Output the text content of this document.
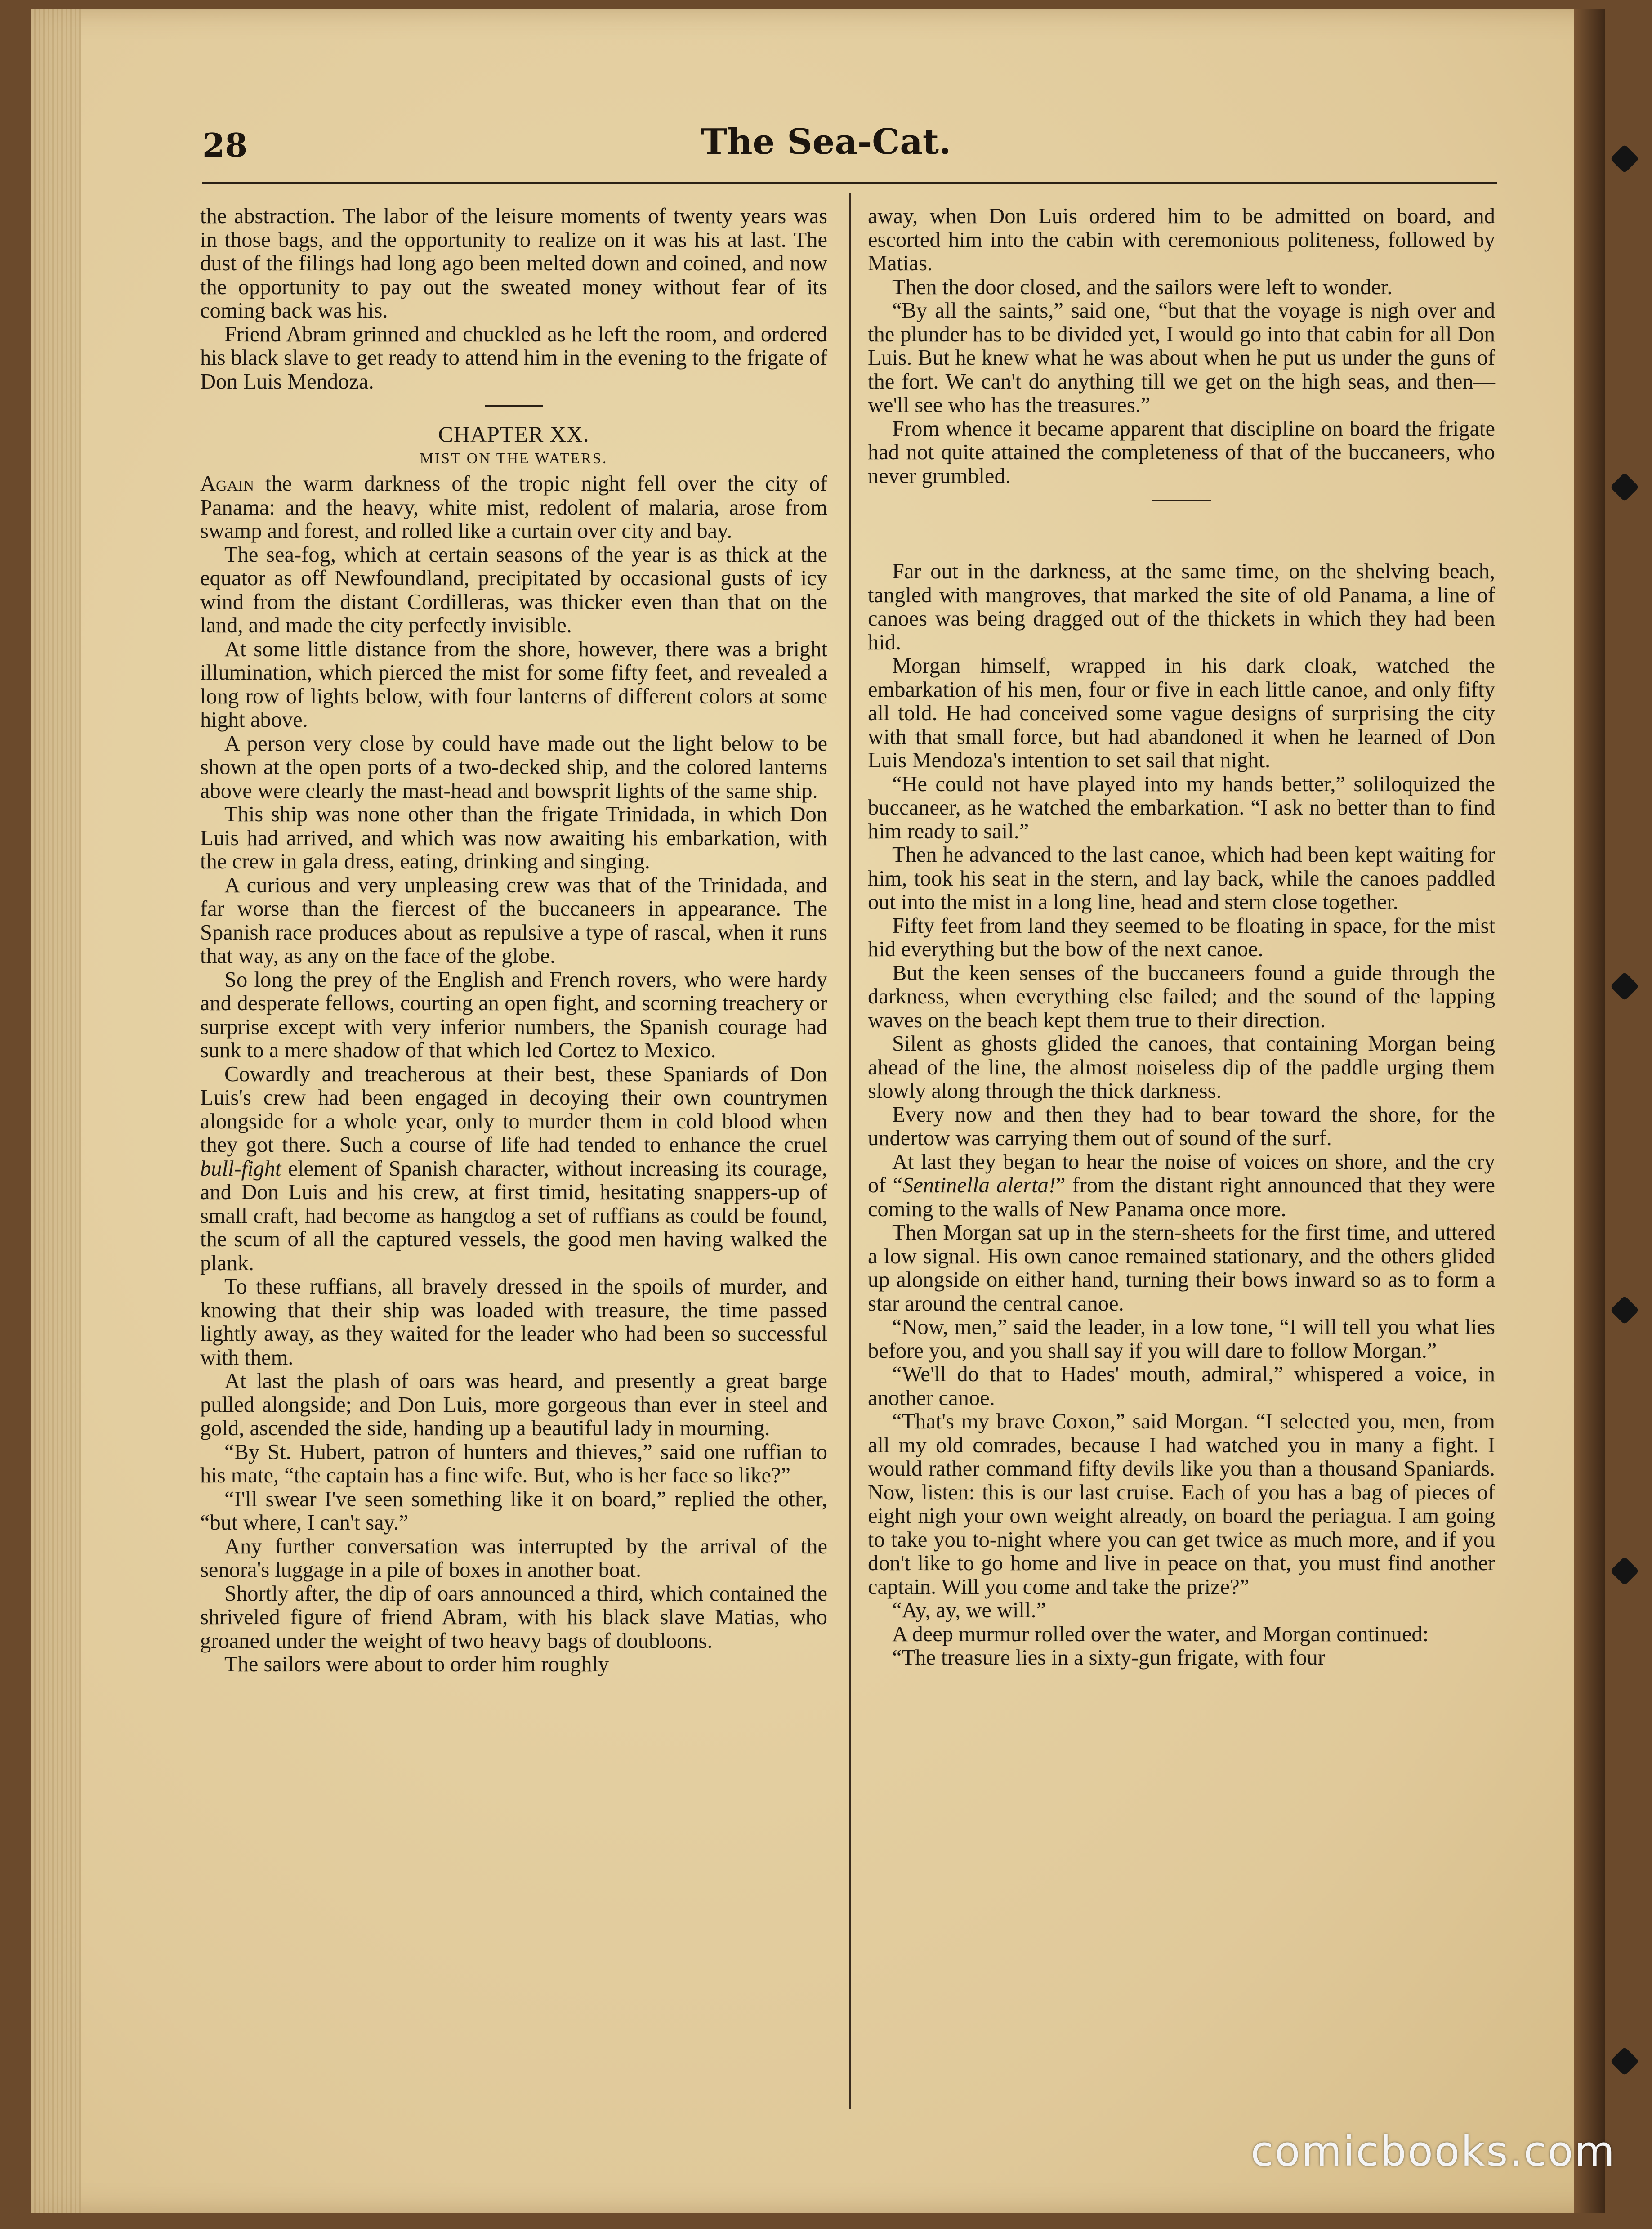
28	The Sea-Cat.

the abstraction. The labor of the leisure moments of twenty years was in those bags, and the opportunity to realize on it was his at last. The dust of the filings had long ago been melted down and coined, and now the opportunity to pay out the sweated money without fear of its coming back was his.

Friend Abram grinned and chuckled as he left the room, and ordered his black slave to get ready to attend him in the evening to the frigate of Don Luis Mendoza.

CHAPTER XX.
MIST ON THE WATERS.

Again the warm darkness of the tropic night fell over the city of Panama: and the heavy, white mist, redolent of malaria, arose from swamp and forest, and rolled like a curtain over city and bay.

The sea-fog, which at certain seasons of the year is as thick at the equator as off Newfoundland, precipitated by occasional gusts of icy wind from the distant Cordilleras, was thicker even than that on the land, and made the city perfectly invisible.

At some little distance from the shore, however, there was a bright illumination, which pierced the mist for some fifty feet, and revealed a long row of lights below, with four lanterns of different colors at some hight above.

A person very close by could have made out the light below to be shown at the open ports of a two-decked ship, and the colored lanterns above were clearly the mast-head and bowsprit lights of the same ship.

This ship was none other than the frigate Trinidada, in which Don Luis had arrived, and which was now awaiting his embarkation, with the crew in gala dress, eating, drinking and singing.

A curious and very unpleasing crew was that of the Trinidada, and far worse than the fiercest of the buccaneers in appearance. The Spanish race produces about as repulsive a type of rascal, when it runs that way, as any on the face of the globe.

So long the prey of the English and French rovers, who were hardy and desperate fellows, courting an open fight, and scorning treachery or surprise except with very inferior numbers, the Spanish courage had sunk to a mere shadow of that which led Cortez to Mexico.

Cowardly and treacherous at their best, these Spaniards of Don Luis's crew had been engaged in decoying their own countrymen alongside for a whole year, only to murder them in cold blood when they got there. Such a course of life had tended to enhance the cruel bull-fight element of Spanish character, without increasing its courage, and Don Luis and his crew, at first timid, hesitating snappers-up of small craft, had become as hangdog a set of ruffians as could be found, the scum of all the captured vessels, the good men having walked the plank.

To these ruffians, all bravely dressed in the spoils of murder, and knowing that their ship was loaded with treasure, the time passed lightly away, as they waited for the leader who had been so successful with them.

At last the plash of oars was heard, and presently a great barge pulled alongside; and Don Luis, more gorgeous than ever in steel and gold, ascended the side, handing up a beautiful lady in mourning.

“By St. Hubert, patron of hunters and thieves,” said one ruffian to his mate, “the captain has a fine wife. But, who is her face so like?”

“I'll swear I've seen something like it on board,” replied the other, “but where, I can't say.”

Any further conversation was interrupted by the arrival of the senora's luggage in a pile of boxes in another boat.

Shortly after, the dip of oars announced a third, which contained the shriveled figure of friend Abram, with his black slave Matias, who groaned under the weight of two heavy bags of doubloons.

The sailors were about to order him roughly

away, when Don Luis ordered him to be admitted on board, and escorted him into the cabin with ceremonious politeness, followed by Matias.

Then the door closed, and the sailors were left to wonder.

“By all the saints,” said one, “but that the voyage is nigh over and the plunder has to be divided yet, I would go into that cabin for all Don Luis. But he knew what he was about when he put us under the guns of the fort. We can't do anything till we get on the high seas, and then—we'll see who has the treasures.”

From whence it became apparent that discipline on board the frigate had not quite attained the completeness of that of the buccaneers, who never grumbled.

Far out in the darkness, at the same time, on the shelving beach, tangled with mangroves, that marked the site of old Panama, a line of canoes was being dragged out of the thickets in which they had been hid.

Morgan himself, wrapped in his dark cloak, watched the embarkation of his men, four or five in each little canoe, and only fifty all told. He had conceived some vague designs of surprising the city with that small force, but had abandoned it when he learned of Don Luis Mendoza's intention to set sail that night.

“He could not have played into my hands better,” soliloquized the buccaneer, as he watched the embarkation. “I ask no better than to find him ready to sail.”

Then he advanced to the last canoe, which had been kept waiting for him, took his seat in the stern, and lay back, while the canoes paddled out into the mist in a long line, head and stern close together.

Fifty feet from land they seemed to be floating in space, for the mist hid everything but the bow of the next canoe.

But the keen senses of the buccaneers found a guide through the darkness, when everything else failed; and the sound of the lapping waves on the beach kept them true to their direction.

Silent as ghosts glided the canoes, that containing Morgan being ahead of the line, the almost noiseless dip of the paddle urging them slowly along through the thick darkness.

Every now and then they had to bear toward the shore, for the undertow was carrying them out of sound of the surf.

At last they began to hear the noise of voices on shore, and the cry of “Sentinella alerta!” from the distant right announced that they were coming to the walls of New Panama once more.

Then Morgan sat up in the stern-sheets for the first time, and uttered a low signal. His own canoe remained stationary, and the others glided up alongside on either hand, turning their bows inward so as to form a star around the central canoe.

“Now, men,” said the leader, in a low tone, “I will tell you what lies before you, and you shall say if you will dare to follow Morgan.”

“We'll do that to Hades' mouth, admiral,” whispered a voice, in another canoe.

“That's my brave Coxon,” said Morgan. “I selected you, men, from all my old comrades, because I had watched you in many a fight. I would rather command fifty devils like you than a thousand Spaniards. Now, listen: this is our last cruise. Each of you has a bag of pieces of eight nigh your own weight already, on board the periagua. I am going to take you to-night where you can get twice as much more, and if you don't like to go home and live in peace on that, you must find another captain. Will you come and take the prize?”

“Ay, ay, we will.”

A deep murmur rolled over the water, and Morgan continued:

“The treasure lies in a sixty-gun frigate, with four

comicbooks.com
